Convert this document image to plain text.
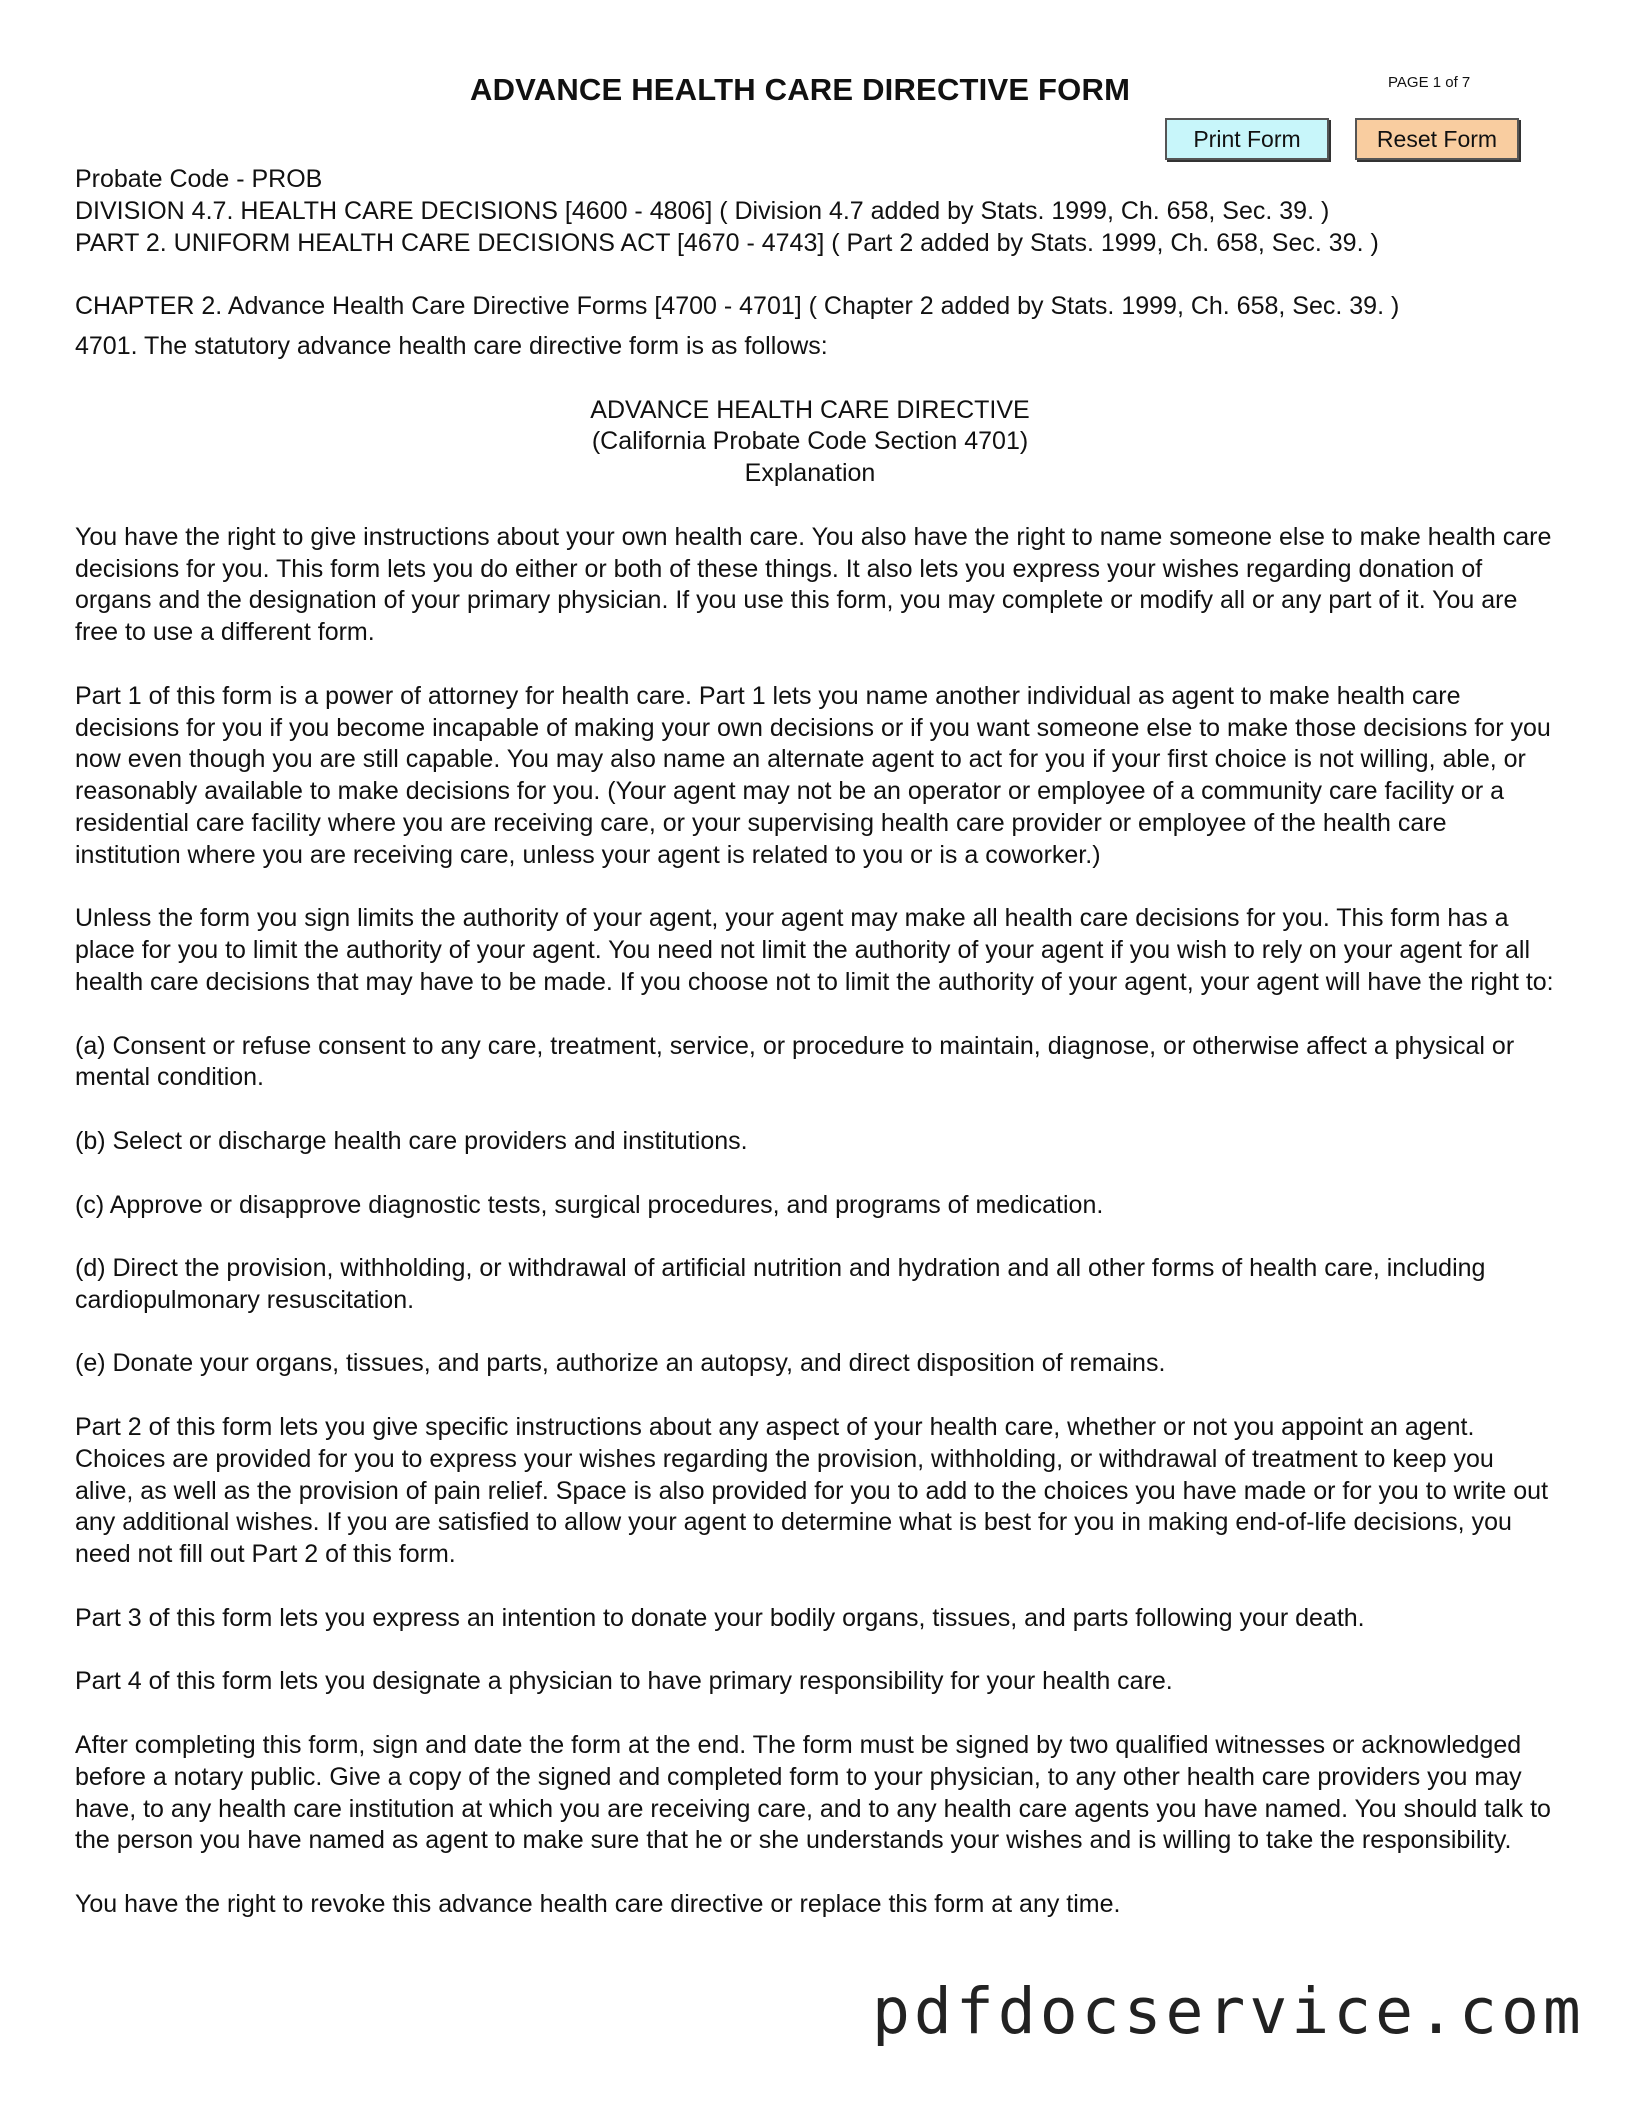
ADVANCE HEALTH CARE DIRECTIVE FORM	PAGE 1 of 7
Print Form	Reset Form

Probate Code - PROB

DIVISION 4.7. HEALTH CARE DECISIONS [4600 - 4806] ( Division 4.7 added by Stats. 1999, Ch. 658, Sec. 39. )

PART 2. UNIFORM HEALTH CARE DECISIONS ACT [4670 - 4743] ( Part 2 added by Stats. 1999, Ch. 658, Sec. 39. )

CHAPTER 2. Advance Health Care Directive Forms [4700 - 4701] ( Chapter 2 added by Stats. 1999, Ch. 658, Sec. 39. )

4701. The statutory advance health care directive form is as follows:

ADVANCE HEALTH CARE DIRECTIVE

(California Probate Code Section 4701)

Explanation

You have the right to give instructions about your own health care. You also have the right to name someone else to make health care decisions for you. This form lets you do either or both of these things. It also lets you express your wishes regarding donation of organs and the designation of your primary physician. If you use this form, you may complete or modify all or any part of it. You are free to use a different form.

Part 1 of this form is a power of attorney for health care. Part 1 lets you name another individual as agent to make health care decisions for you if you become incapable of making your own decisions or if you want someone else to make those decisions for you now even though you are still capable. You may also name an alternate agent to act for you if your first choice is not willing, able, or reasonably available to make decisions for you. (Your agent may not be an operator or employee of a community care facility or a residential care facility where you are receiving care, or your supervising health care provider or employee of the health care institution where you are receiving care, unless your agent is related to you or is a coworker.)

Unless the form you sign limits the authority of your agent, your agent may make all health care decisions for you. This form has a place for you to limit the authority of your agent. You need not limit the authority of your agent if you wish to rely on your agent for all health care decisions that may have to be made. If you choose not to limit the authority of your agent, your agent will have the right to:

(a) Consent or refuse consent to any care, treatment, service, or procedure to maintain, diagnose, or otherwise affect a physical or mental condition.

(b) Select or discharge health care providers and institutions.

(c) Approve or disapprove diagnostic tests, surgical procedures, and programs of medication.

(d) Direct the provision, withholding, or withdrawal of artificial nutrition and hydration and all other forms of health care, including cardiopulmonary resuscitation.

(e) Donate your organs, tissues, and parts, authorize an autopsy, and direct disposition of remains.

Part 2 of this form lets you give specific instructions about any aspect of your health care, whether or not you appoint an agent. Choices are provided for you to express your wishes regarding the provision, withholding, or withdrawal of treatment to keep you alive, as well as the provision of pain relief. Space is also provided for you to add to the choices you have made or for you to write out any additional wishes. If you are satisfied to allow your agent to determine what is best for you in making end-of-life decisions, you need not fill out Part 2 of this form.

Part 3 of this form lets you express an intention to donate your bodily organs, tissues, and parts following your death.

Part 4 of this form lets you designate a physician to have primary responsibility for your health care.

After completing this form, sign and date the form at the end. The form must be signed by two qualified witnesses or acknowledged before a notary public. Give a copy of the signed and completed form to your physician, to any other health care providers you may have, to any health care institution at which you are receiving care, and to any health care agents you have named. You should talk to the person you have named as agent to make sure that he or she understands your wishes and is willing to take the responsibility.

You have the right to revoke this advance health care directive or replace this form at any time.

pdfdocservice.com
